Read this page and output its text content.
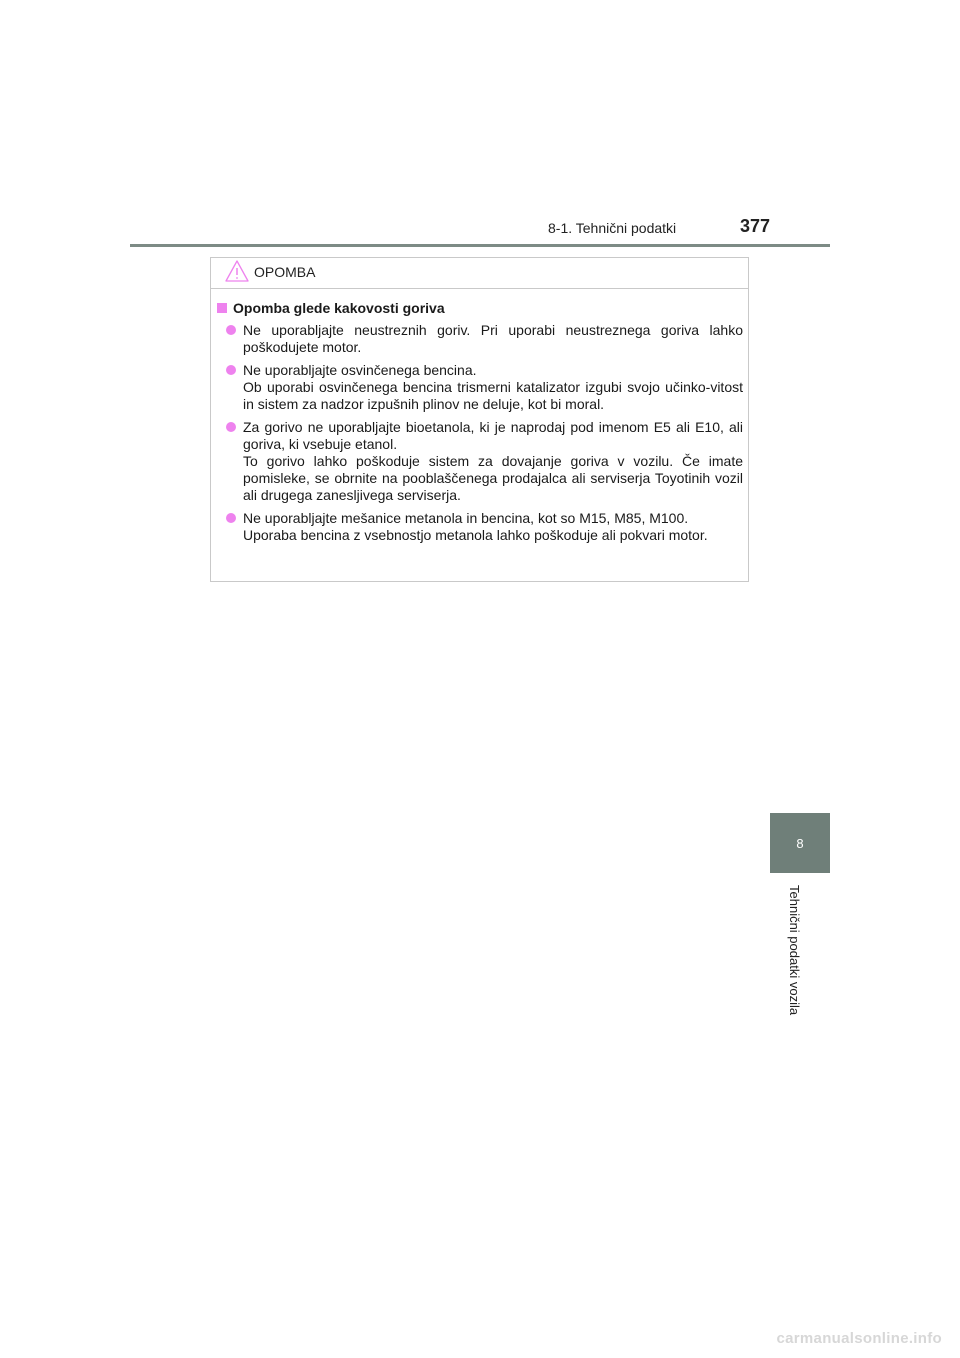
8-1. Tehnični podatki	377
OPOMBA
Opomba glede kakovosti goriva
Ne uporabljajte neustreznih goriv. Pri uporabi neustreznega goriva lahko poškodujete motor.
Ne uporabljajte osvinčenega bencina.
Ob uporabi osvinčenega bencina trismerni katalizator izgubi svojo učinko-vitost in sistem za nadzor izpušnih plinov ne deluje, kot bi moral.
Za gorivo ne uporabljajte bioetanola, ki je naprodaj pod imenom E5 ali E10, ali goriva, ki vsebuje etanol.
To gorivo lahko poškoduje sistem za dovajanje goriva v vozilu. Če imate pomisleke, se obrnite na pooblaščenega prodajalca ali serviserja Toyotinih vozil ali drugega zanesljivega serviserja.
Ne uporabljajte mešanice metanola in bencina, kot so M15, M85, M100.
Uporaba bencina z vsebnostjo metanola lahko poškoduje ali pokvari motor.
8
Tehnični podatki vozila
carmanualsonline.info
